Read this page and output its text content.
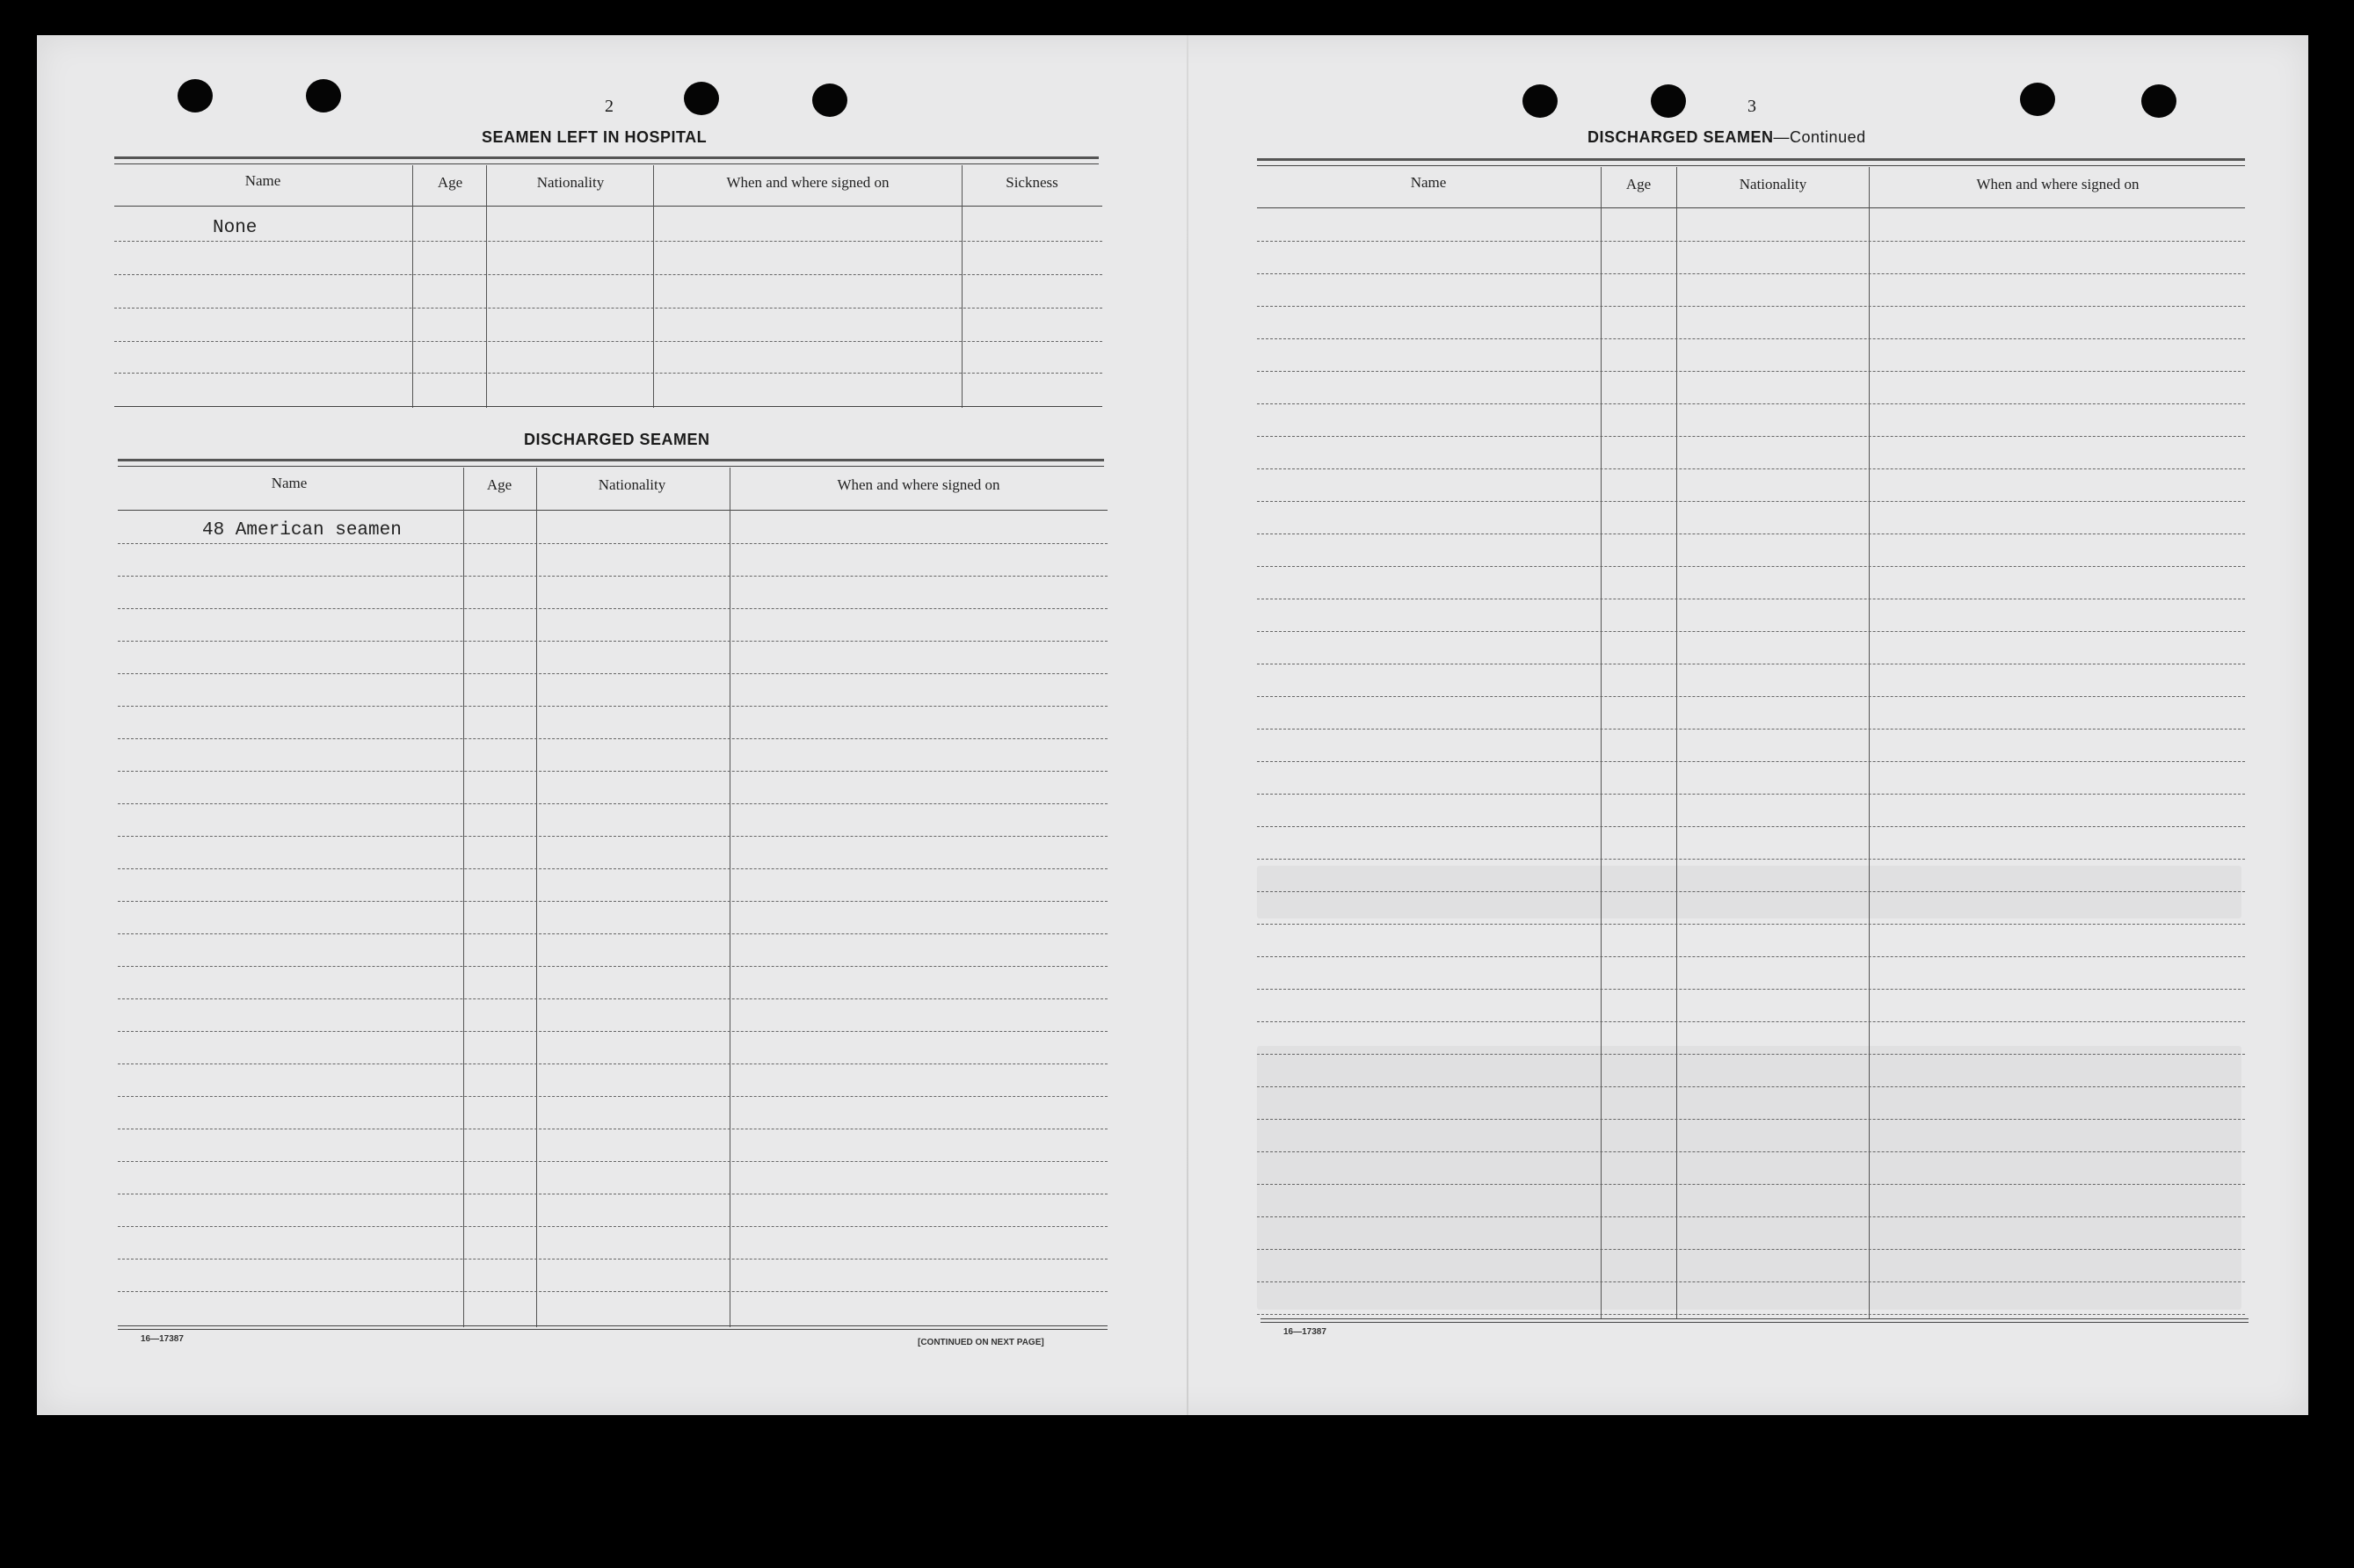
2
SEAMEN LEFT IN HOSPITAL
Name	Age	Nationality	When and where signed on	Sickness
None
DISCHARGED SEAMEN
Name	Age	Nationality	When and where signed on
48 American seamen
16—17387	[CONTINUED ON NEXT PAGE]
3
DISCHARGED SEAMEN—Continued
Name	Age	Nationality	When and where signed on
16—17387
